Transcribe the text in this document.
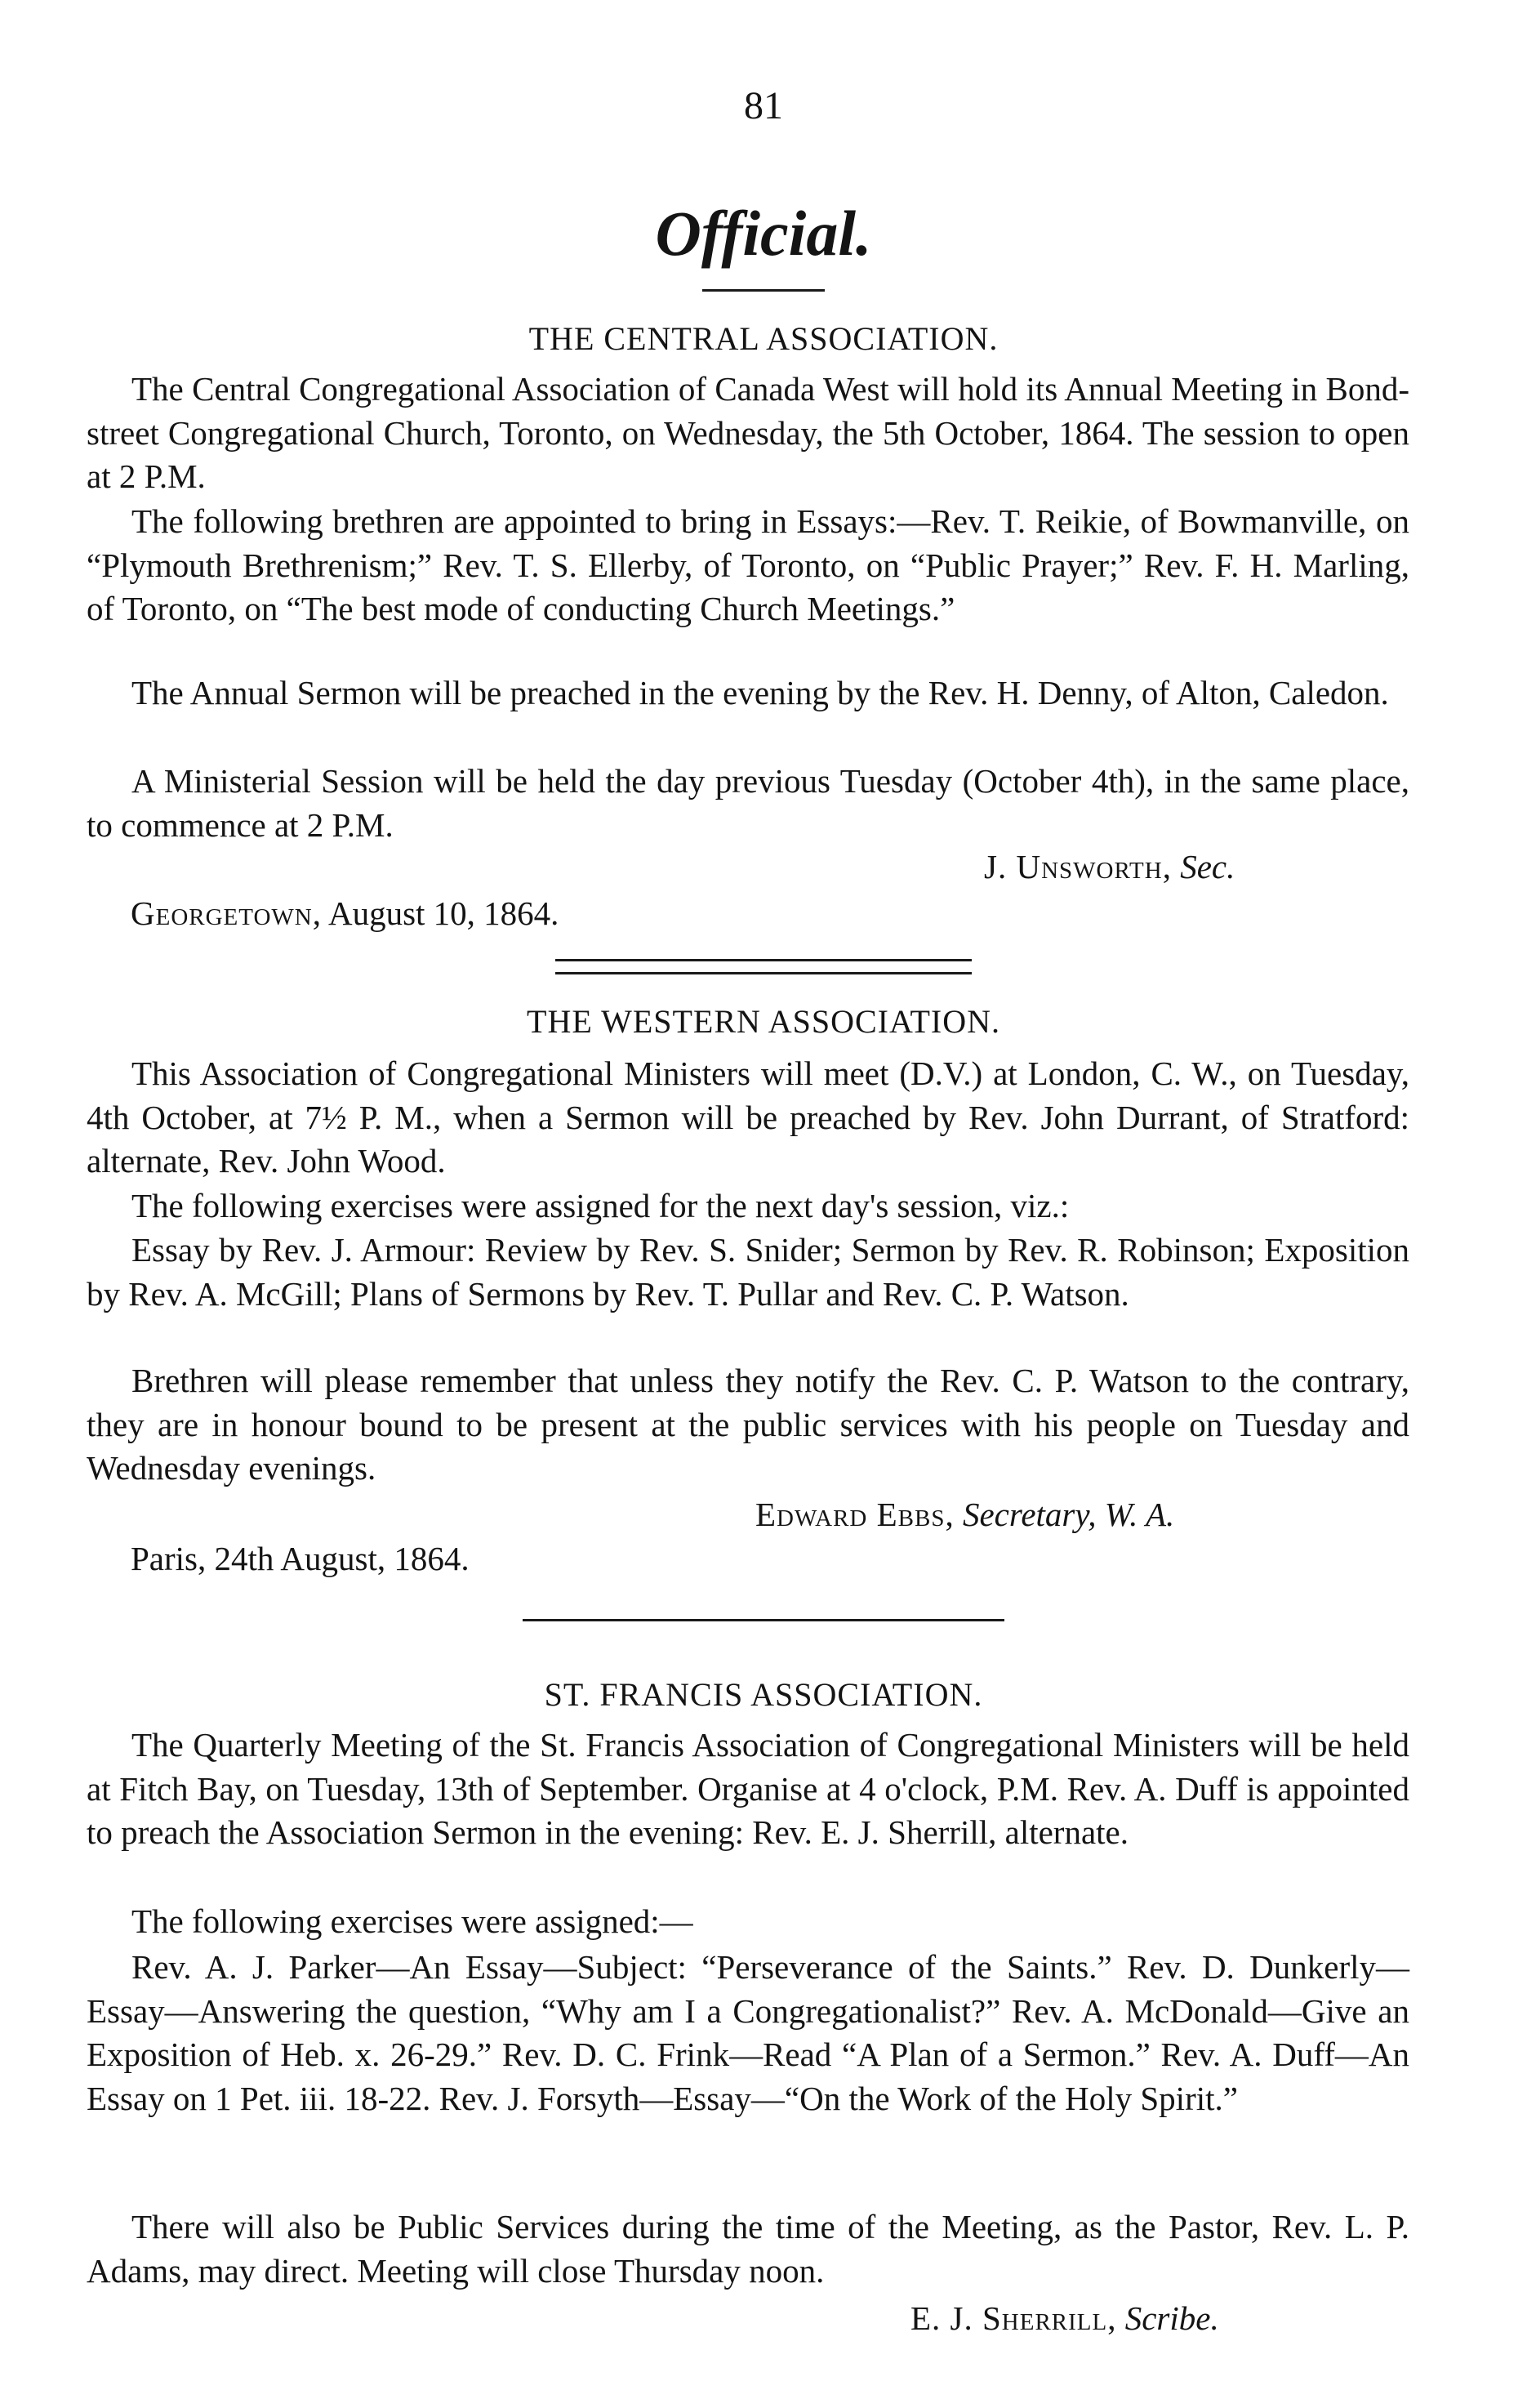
81
Official.
THE CENTRAL ASSOCIATION.

The Central Congregational Association of Canada West will hold its Annual Meeting in Bond-street Congregational Church, Toronto, on Wednesday, the 5th October, 1864. The session to open at 2 P.M.

The following brethren are appointed to bring in Essays:—Rev. T. Reikie, of Bowmanville, on “Plymouth Brethrenism;” Rev. T. S. Ellerby, of Toronto, on “Public Prayer;” Rev. F. H. Marling, of Toronto, on “The best mode of conducting Church Meetings.”

The Annual Sermon will be preached in the evening by the Rev. H. Denny, of Alton, Caledon.

A Ministerial Session will be held the day previous Tuesday (October 4th), in the same place, to commence at 2 P.M.

J. Unsworth, Sec.
Georgetown, August 10, 1864.
THE WESTERN ASSOCIATION.

This Association of Congregational Ministers will meet (D.V.) at London, C. W., on Tuesday, 4th October, at 7½ P. M., when a Sermon will be preached by Rev. John Durrant, of Stratford: alternate, Rev. John Wood.

The following exercises were assigned for the next day's session, viz.:

Essay by Rev. J. Armour: Review by Rev. S. Snider; Sermon by Rev. R. Robinson; Exposition by Rev. A. McGill; Plans of Sermons by Rev. T. Pullar and Rev. C. P. Watson.

Brethren will please remember that unless they notify the Rev. C. P. Watson to the contrary, they are in honour bound to be present at the public services with his people on Tuesday and Wednesday evenings.

Edward Ebbs, Secretary, W. A.
Paris, 24th August, 1864.
ST. FRANCIS ASSOCIATION.

The Quarterly Meeting of the St. Francis Association of Congregational Ministers will be held at Fitch Bay, on Tuesday, 13th of September. Organise at 4 o'clock, P.M. Rev. A. Duff is appointed to preach the Association Sermon in the evening: Rev. E. J. Sherrill, alternate.

The following exercises were assigned:—

Rev. A. J. Parker—An Essay—Subject: “Perseverance of the Saints.” Rev. D. Dunkerly—Essay—Answering the question, “Why am I a Congregationalist?” Rev. A. McDonald—Give an Exposition of Heb. x. 26-29.” Rev. D. C. Frink—Read “A Plan of a Sermon.” Rev. A. Duff—An Essay on 1 Pet. iii. 18-22. Rev. J. Forsyth—Essay—“On the Work of the Holy Spirit.”

There will also be Public Services during the time of the Meeting, as the Pastor, Rev. L. P. Adams, may direct. Meeting will close Thursday noon.

E. J. Sherrill, Scribe.
